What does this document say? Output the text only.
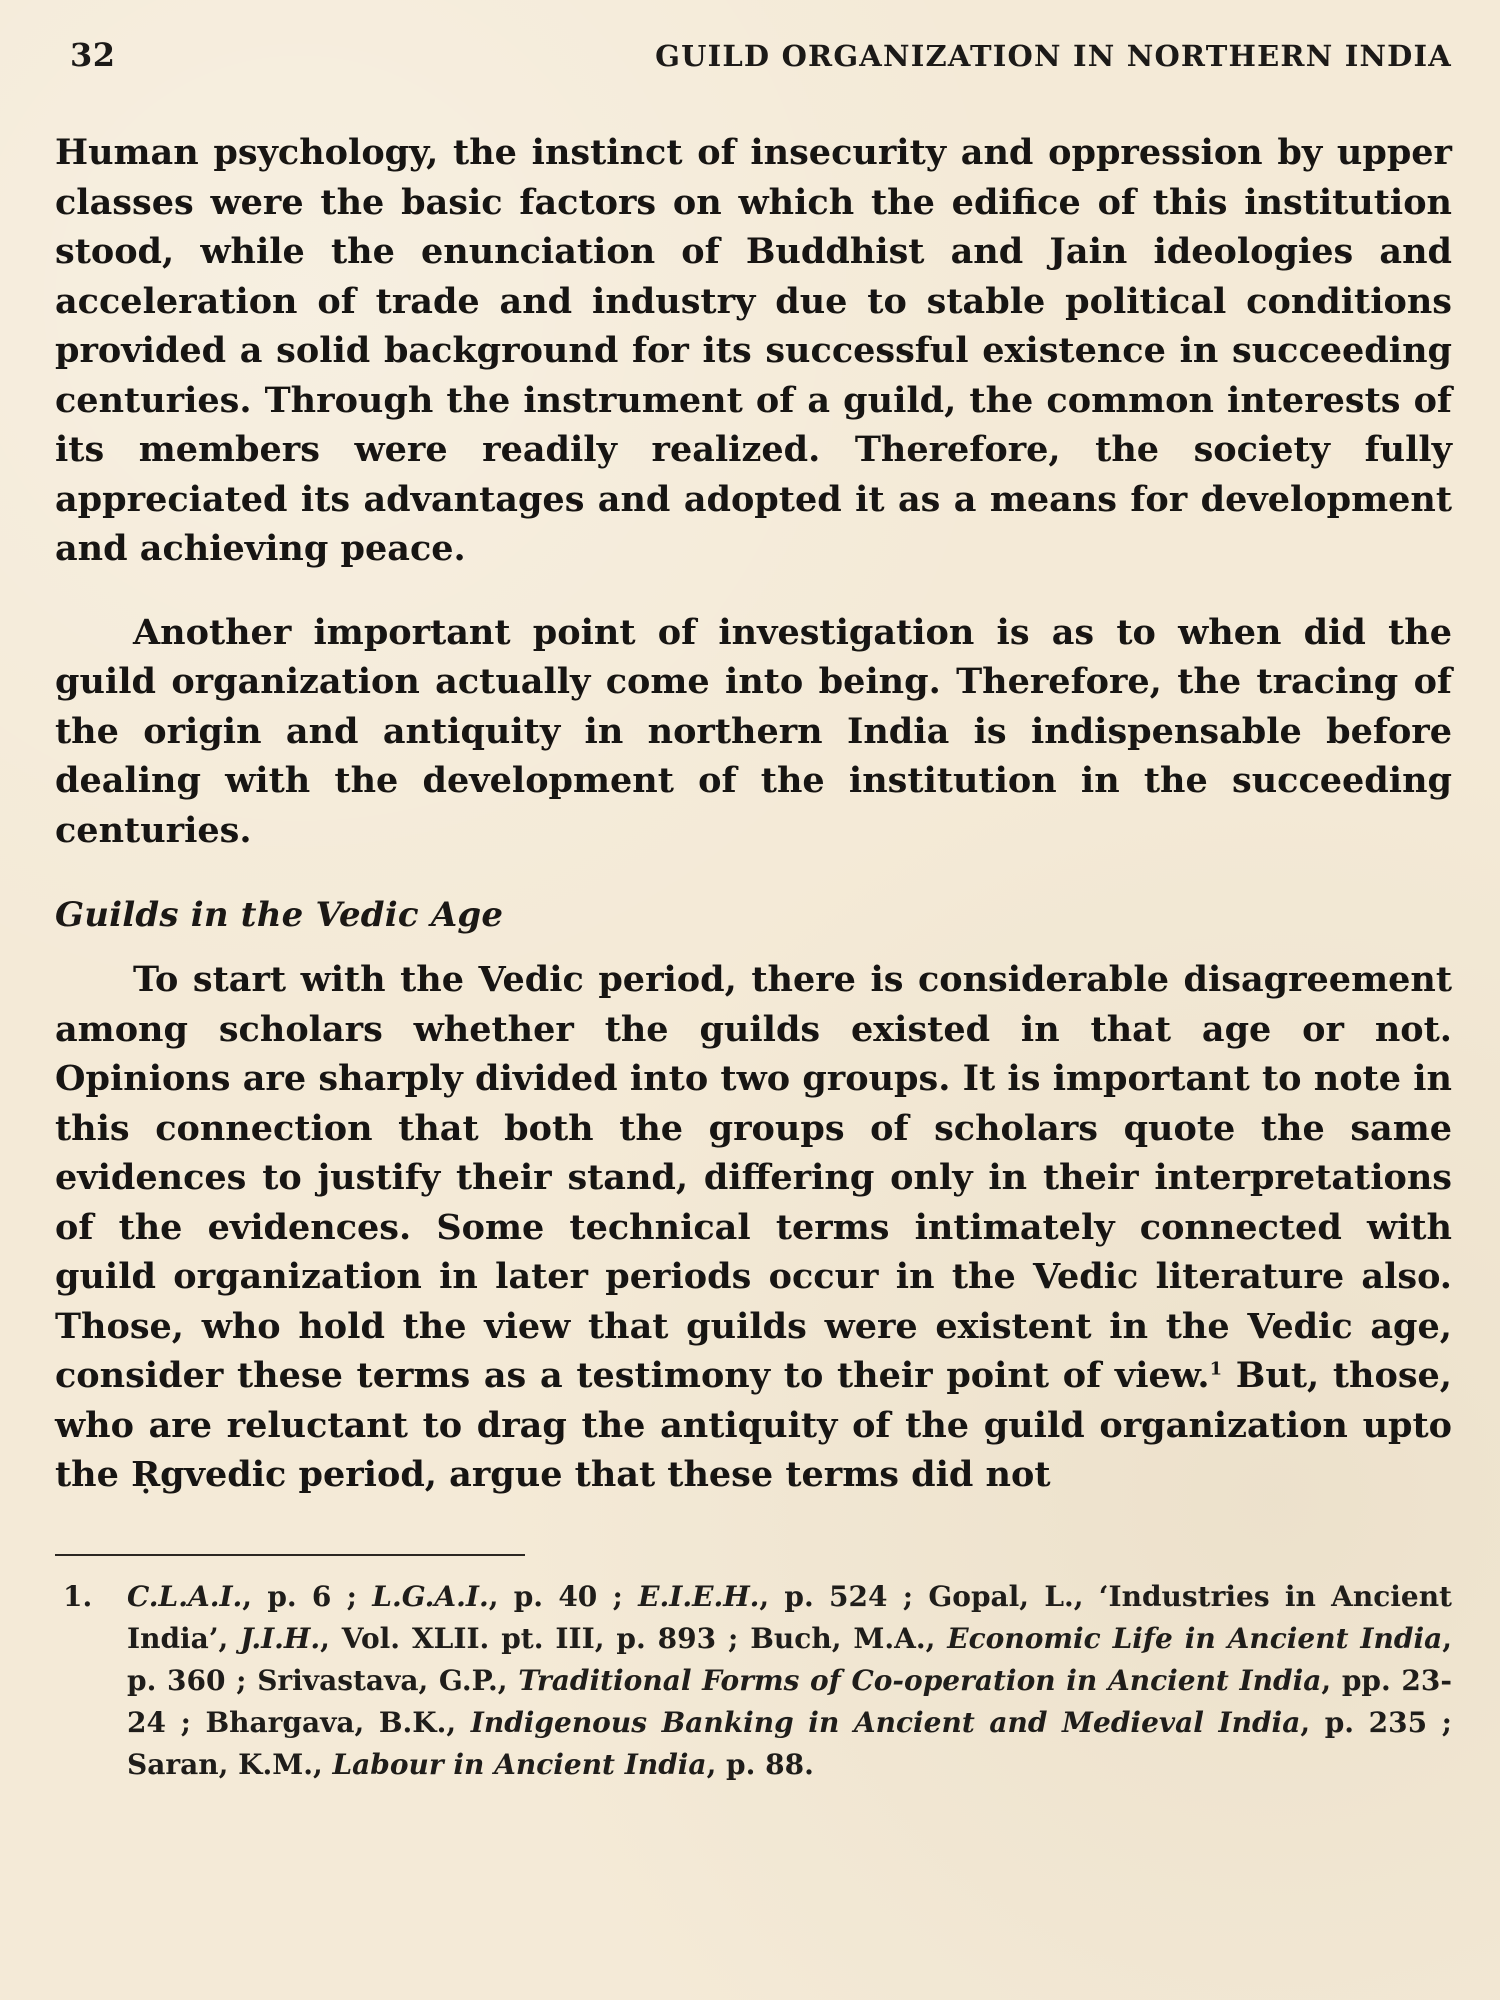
32	GUILD ORGANIZATION IN NORTHERN INDIA

Human psychology, the instinct of insecurity and oppression by upper classes were the basic factors on which the edifice of this institution stood, while the enunciation of Buddhist and Jain ideologies and acceleration of trade and industry due to stable political conditions provided a solid background for its successful existence in succeeding centuries. Through the instrument of a guild, the common interests of its members were readily realized. Therefore, the society fully appreciated its advantages and adopted it as a means for development and achieving peace.

Another important point of investigation is as to when did the guild organization actually come into being. Therefore, the tracing of the origin and antiquity in northern India is indispensable before dealing with the development of the institution in the succeeding centuries.

Guilds in the Vedic Age

To start with the Vedic period, there is considerable disagreement among scholars whether the guilds existed in that age or not. Opinions are sharply divided into two groups. It is important to note in this connection that both the groups of scholars quote the same evidences to justify their stand, differing only in their interpretations of the evidences. Some technical terms intimately connected with guild organization in later periods occur in the Vedic literature also. Those, who hold the view that guilds were existent in the Vedic age, consider these terms as a testimony to their point of view.$^1$ But, those, who are reluctant to drag the antiquity of the guild organization upto the Ṛgvedic period, argue that these terms did not

1.	C.L.A.I., p. 6 ; L.G.A.I., p. 40 ; E.I.E.H., p. 524 ; Gopal, L., ‘Industries in Ancient India’, J.I.H., Vol. XLII. pt. III, p. 893 ; Buch, M.A., Economic Life in Ancient India, p. 360 ; Srivastava, G.P., Traditional Forms of Co-operation in Ancient India, pp. 23-24 ; Bhargava, B.K., Indigenous Banking in Ancient and Medieval India, p. 235 ; Saran, K.M., Labour in Ancient India, p. 88.
